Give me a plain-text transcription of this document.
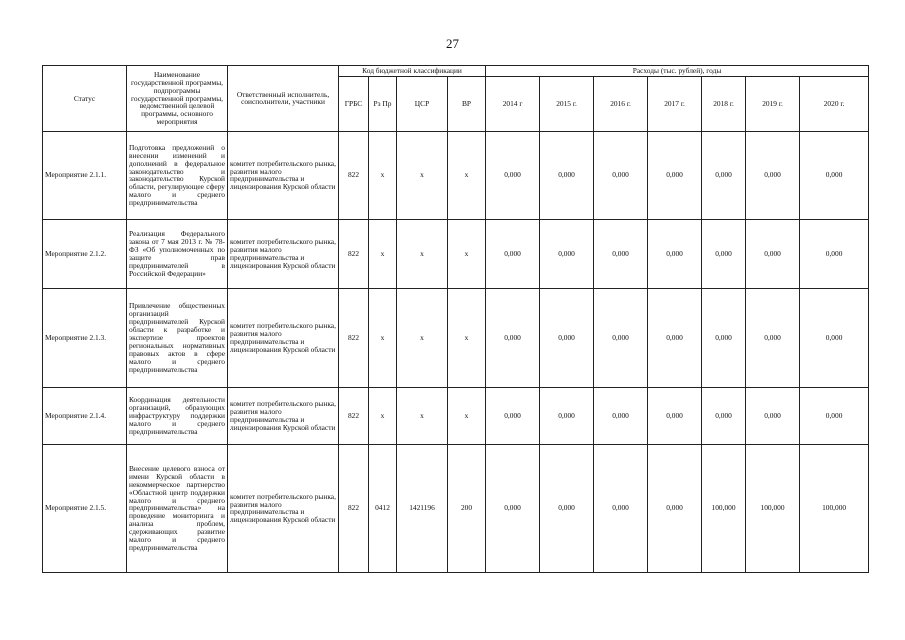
27
Статус	Наименование государственной программы, подпрограммы государственной программы, ведомственной целевой программы, основного мероприятия	Ответственный исполнитель, соисполнители, участники	Код бюджетной классификации				Расходы (тыс. рублей), годы						
			ГРБС	Рз Пр	ЦСР	ВР	2014 г	2015 г.	2016 г.	2017 г.	2018 г.	2019 г.	2020 г.
Мероприятие 2.1.1.	Подготовка предложений о внесении изменений и дополнений в федеральное законодательство и законодательство Курской области, регулирующее сферу малого и среднего предпринимательства	комитет потребительского рынка, развития малого предпринимательства и лицензирования Курской области	822	x	x	x	0,000	0,000	0,000	0,000	0,000	0,000	0,000
Мероприятие 2.1.2.	Реализация Федерального закона от 7 мая 2013 г. № 78-ФЗ «Об уполномоченных по защите прав предпринимателей в Российской Федерации»	комитет потребительского рынка, развития малого предпринимательства и лицензирования Курской области	822	x	x	x	0,000	0,000	0,000	0,000	0,000	0,000	0,000
Мероприятие 2.1.3.	Привлечение общественных организаций предпринимателей Курской области к разработке и экспертизе проектов региональных нормативных правовых актов в сфере малого и среднего предпринимательства	комитет потребительского рынка, развития малого предпринимательства и лицензирования Курской области	822	x	x	x	0,000	0,000	0,000	0,000	0,000	0,000	0,000
Мероприятие 2.1.4.	Координация деятельности организаций, образующих инфраструктуру поддержки малого и среднего предпринимательства	комитет потребительского рынка, развития малого предпринимательства и лицензирования Курской области	822	x	x	x	0,000	0,000	0,000	0,000	0,000	0,000	0,000
Мероприятие 2.1.5.	Внесение целевого взноса от имени Курской области в некоммерческое партнерство «Областной центр поддержки малого и среднего предпринимательства» на проведение мониторинга и анализа проблем, сдерживающих развитие малого и среднего предпринимательства	комитет потребительского рынка, развития малого предпринимательства и лицензирования Курской области	822	0412	1421196	200	0,000	0,000	0,000	0,000	100,000	100,000	100,000
